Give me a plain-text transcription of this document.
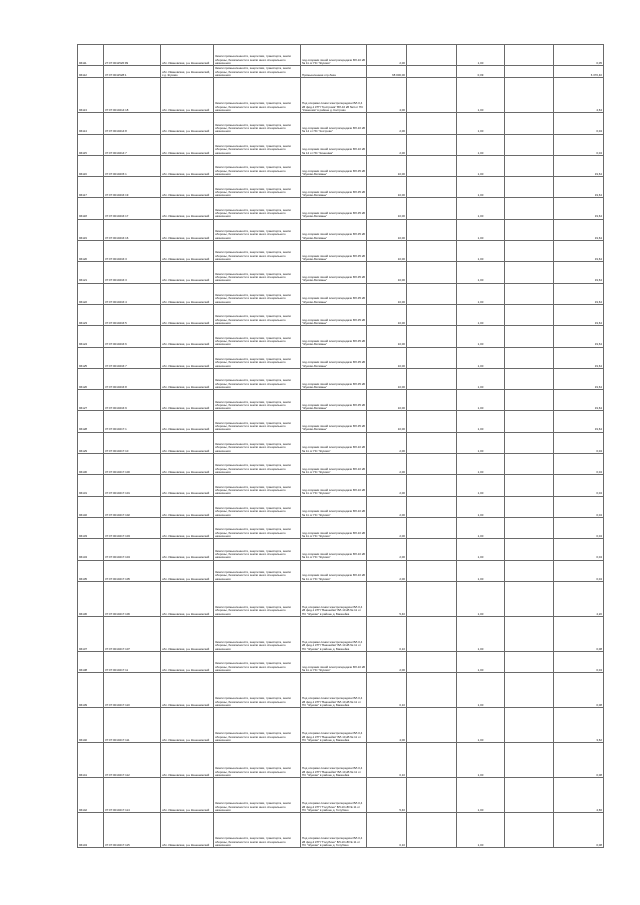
96111	27:07:0011526:99	обл. Ивановская, р-н Кинешемский	Земли промышленности, энергетики, транспорта, земли обороны, безопасности и земли иного специального назначения	под опорами линий электропередачи ВЛ-10 кВ № 11 от ПС "Жуково"	2,00		1,00		0,05
96112	37:07:0011528:1	обл. Ивановская, р-н Кинешемский, с.д. Жуково	Земли промышленности, энергетики, транспорта, земли обороны, безопасности и земли иного специального назначения	Промышленная отр-база	68 000,00		0,09		6 370,40
96113	37:07:0010214:18	обл. Ивановская, р-н Кинешемский	Земли промышленности, энергетики, транспорта, земли обороны, безопасности и земли иного специального назначения	Под опорами линии электропередачи ВЛ-0,4 кВ фид-1 КТП "Кострома" ВЛ-10 кВ №4 от ПС "Кинешма" в районе д. Кострово	4,00		1,00		4,64
96114	37:07:0010214:8	обл. Ивановская, р-н Кинешемский	Земли промышленности, энергетики, транспорта, земли обороны, безопасности и земли иного специального назначения	под опорами линий электропередачи ВЛ-10 кВ № 14 от ПС "Кострово"	2,00		1,00		0,04
96115	37:07:0010214:7	обл. Ивановская, р-н Кинешемский	Земли промышленности, энергетики, транспорта, земли обороны, безопасности и земли иного специального назначения	под опорами линий электропередачи ВЛ-10 кВ № 14 от ПС "Кинешма"	2,00		1,00		0,04
96116	37:07:0010215:1	обл. Ивановская, р-н Кинешемский	Земли промышленности, энергетики, транспорта, земли обороны, безопасности и земли иного специального назначения	под опорами линий электропередачи ВЛ-35 кВ "Жуково-Батманы"	10,00		1,00		19,64
96117	37:07:0010216:19	обл. Ивановская, р-н Кинешемский	Земли промышленности, энергетики, транспорта, земли обороны, безопасности и земли иного специального назначения	под опорами линий электропередачи ВЛ-35 кВ "Жуково-Батманы"	10,00		1,00		19,64
96118	37:07:0010216:17	обл. Ивановская, р-н Кинешемский	Земли промышленности, энергетики, транспорта, земли обороны, безопасности и земли иного специального назначения	под опорами линий электропередачи ВЛ-35 кВ "Жуково-Батманы"	10,00		1,00		19,64
96119	37:07:0010216:16	обл. Ивановская, р-н Кинешемский	Земли промышленности, энергетики, транспорта, земли обороны, безопасности и земли иного специального назначения	под опорами линий электропередачи ВЛ-35 кВ "Жуково-Батманы"	10,00		1,00		19,64
96120	37:07:0010216:3	обл. Ивановская, р-н Кинешемский	Земли промышленности, энергетики, транспорта, земли обороны, безопасности и земли иного специального назначения	под опорами линий электропередачи ВЛ-35 кВ "Жуково-Батманы"	10,00		1,00		19,64
96121	37:07:0010216:3	обл. Ивановская, р-н Кинешемский	Земли промышленности, энергетики, транспорта, земли обороны, безопасности и земли иного специального назначения	под опорами линий электропередачи ВЛ-35 кВ "Жуково-Батманы"	10,00		1,00		19,64
96122	37:07:0010216:4	обл. Ивановская, р-н Кинешемский	Земли промышленности, энергетики, транспорта, земли обороны, безопасности и земли иного специального назначения	под опорами линий электропередачи ВЛ-35 кВ "Жуково-Батманы"	10,00		1,00		19,64
96123	37:07:0010216:5	обл. Ивановская, р-н Кинешемский	Земли промышленности, энергетики, транспорта, земли обороны, безопасности и земли иного специального назначения	под опорами линий электропередачи ВЛ-35 кВ "Жуково-Батманы"	10,00		1,00		19,64
96124	37:07:0010216:6	обл. Ивановская, р-н Кинешемский	Земли промышленности, энергетики, транспорта, земли обороны, безопасности и земли иного специального назначения	под опорами линий электропередачи ВЛ-35 кВ "Жуково-Батманы"	10,00		1,00		19,64
96125	37:07:0010216:7	обл. Ивановская, р-н Кинешемский	Земли промышленности, энергетики, транспорта, земли обороны, безопасности и земли иного специального назначения	под опорами линий электропередачи ВЛ-35 кВ "Жуково-Батманы"	10,00		1,00		19,64
96126	37:07:0010216:8	обл. Ивановская, р-н Кинешемский	Земли промышленности, энергетики, транспорта, земли обороны, безопасности и земли иного специального назначения	под опорами линий электропередачи ВЛ-35 кВ "Жуково-Батманы"	10,00		1,00		19,64
96127	37:07:0010216:9	обл. Ивановская, р-н Кинешемский	Земли промышленности, энергетики, транспорта, земли обороны, безопасности и земли иного специального назначения	под опорами линий электропередачи ВЛ-35 кВ "Жуково-Батманы"	10,00		1,00		19,64
96128	37:07:0010217:1	обл. Ивановская, р-н Кинешемский	Земли промышленности, энергетики, транспорта, земли обороны, безопасности и земли иного специального назначения	под опорами линий электропередачи ВЛ-35 кВ "Жуково-Батманы"	10,00		1,00		19,64
96129	37:07:0010217:10	обл. Ивановская, р-н Кинешемский	Земли промышленности, энергетики, транспорта, земли обороны, безопасности и земли иного специального назначения	под опорами линий электропередачи ВЛ-10 кВ № 11 от ПС "Жуково"	2,00		1,00		0,04
96130	37:07:0010217:100	обл. Ивановская, р-н Кинешемский	Земли промышленности, энергетики, транспорта, земли обороны, безопасности и земли иного специального назначения	под опорами линий электропередачи ВЛ-10 кВ № 11 от ПС "Жуково"	2,00		1,00		0,04
96131	37:07:0010217:101	обл. Ивановская, р-н Кинешемский	Земли промышленности, энергетики, транспорта, земли обороны, безопасности и земли иного специального назначения	под опорами линий электропередачи ВЛ-10 кВ № 11 от ПС "Жуково"	2,00		1,00		0,04
96132	37:07:0010217:102	обл. Ивановская, р-н Кинешемский	Земли промышленности, энергетики, транспорта, земли обороны, безопасности и земли иного специального назначения	под опорами линий электропередачи ВЛ-10 кВ № 11 от ПС "Жуково"	2,00		1,00		0,04
96133	37:07:0010217:103	обл. Ивановская, р-н Кинешемский	Земли промышленности, энергетики, транспорта, земли обороны, безопасности и земли иного специального назначения	под опорами линий электропередачи ВЛ-10 кВ № 11 от ПС "Жуково"	2,00		1,00		0,04
96134	37:07:0010217:104	обл. Ивановская, р-н Кинешемский	Земли промышленности, энергетики, транспорта, земли обороны, безопасности и земли иного специального назначения	под опорами линий электропередачи ВЛ-10 кВ № 11 от ПС "Жуково"	2,00		1,00		0,04
96135	37:07:0010217:105	обл. Ивановская, р-н Кинешемский	Земли промышленности, энергетики, транспорта, земли обороны, безопасности и земли иного специального назначения	под опорами линий электропередачи ВЛ-10 кВ № 11 от ПС "Жуково"	2,00		1,00		0,04
96136	37:07:0010217:106	обл. Ивановская, р-н Кинешемский	Земли промышленности, энергетики, транспорта, земли обороны, безопасности и земли иного специального назначения	Под опорами линии электропередачи ВЛ-0,4 кВ фид-1 КТП "Бакшейка" ВЛ-10 кВ № 11 от ПС "Жуково" в районе д. Бакшейка	5,40		1,00		4,20
96137	37:07:0010217:107	обл. Ивановская, р-н Кинешемский	Земли промышленности, энергетики, транспорта, земли обороны, безопасности и земли иного специального назначения	Под опорами линии электропередачи ВЛ-0,4 кВ фид-1 КТП "Бакшейка" ВЛ-10 кВ № 11 от ПС "Жуково" в районе д. Бакшейка	0,10		1,00		0,08
96138	37:07:0010217:11	обл. Ивановская, р-н Кинешемский	Земли промышленности, энергетики, транспорта, земли обороны, безопасности и земли иного специального назначения	под опорами линий электропередачи ВЛ-10 кВ № 11 от ПС "Жуково"	2,00		1,00		0,04
96139	37:07:0010217:110	обл. Ивановская, р-н Кинешемский	Земли промышленности, энергетики, транспорта, земли обороны, безопасности и земли иного специального назначения	Под опорами линии электропередачи ВЛ-0,4 кВ фид-1 КТП "Бакшейка" ВЛ-10 кВ № 11 от ПС "Жуково" в районе д. Бакшейка	0,10		1,00		0,08
96140	37:07:0010217:111	обл. Ивановская, р-н Кинешемский	Земли промышленности, энергетики, транспорта, земли обороны, безопасности и земли иного специального назначения	Под опорами линии электропередачи ВЛ-0,4 кВ фид-1 КТП "Бакшейка" ВЛ-10 кВ № 11 от ПС "Жуково" в районе д. Бакшейка	4,00		1,00		3,62
96141	37:07:0010217:112	обл. Ивановская, р-н Кинешемский	Земли промышленности, энергетики, транспорта, земли обороны, безопасности и земли иного специального назначения	Под опорами линии электропередачи ВЛ-0,4 кВ фид-1 КТП "Бакшейка" ВЛ-10 кВ № 11 от ПС "Жуково" в районе д. Бакшейка	0,10		1,00		0,08
96142	37:07:0010217:114	обл. Ивановская, р-н Кинешемский	Земли промышленности, энергетики, транспорта, земли обороны, безопасности и земли иного специального назначения	Под опорами линии электропередачи ВЛ-0,4 кВ фид-2 КТП "Голубино" ВЛ-10 кВ № 11 от ПС "Жуково" в районе д. Голубино	5,40		1,00		4,66
96143	37:07:0010217:115	обл. Ивановская, р-н Кинешемский	Земли промышленности, энергетики, транспорта, земли обороны, безопасности и земли иного специального назначения	Под опорами линии электропередачи ВЛ-0,4 кВ фид-2 КТП "Голубино" ВЛ-10 кВ № 11 от ПС "Жуково" в районе д. Голубино	0,10		1,00		0,08
